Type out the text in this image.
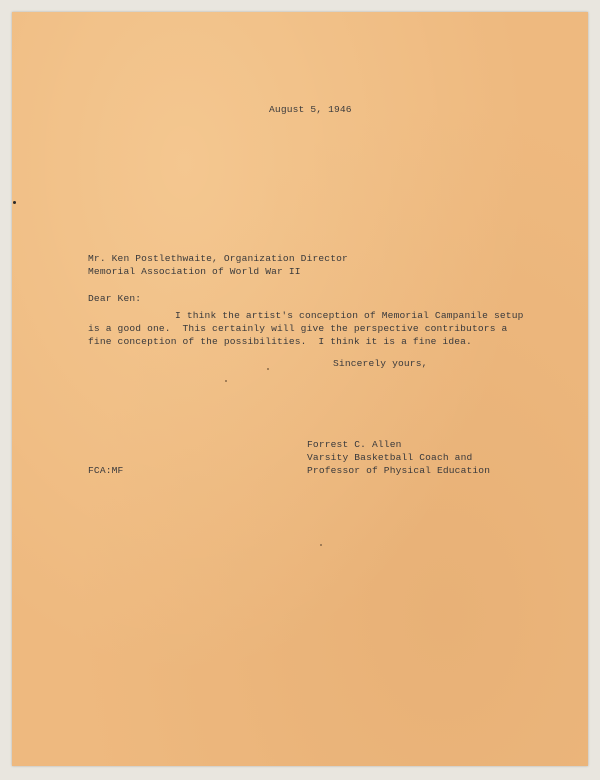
August 5, 1946
Mr. Ken Postlethwaite, Organization Director
Memorial Association of World War II
Dear Ken:
I think the artist's conception of Memorial Campanile setup
is a good one.  This certainly will give the perspective contributors a
fine conception of the possibilities.  I think it is a fine idea.
Sincerely yours,
Forrest C. Allen
Varsity Basketball Coach and
Professor of Physical Education
FCA:MF
